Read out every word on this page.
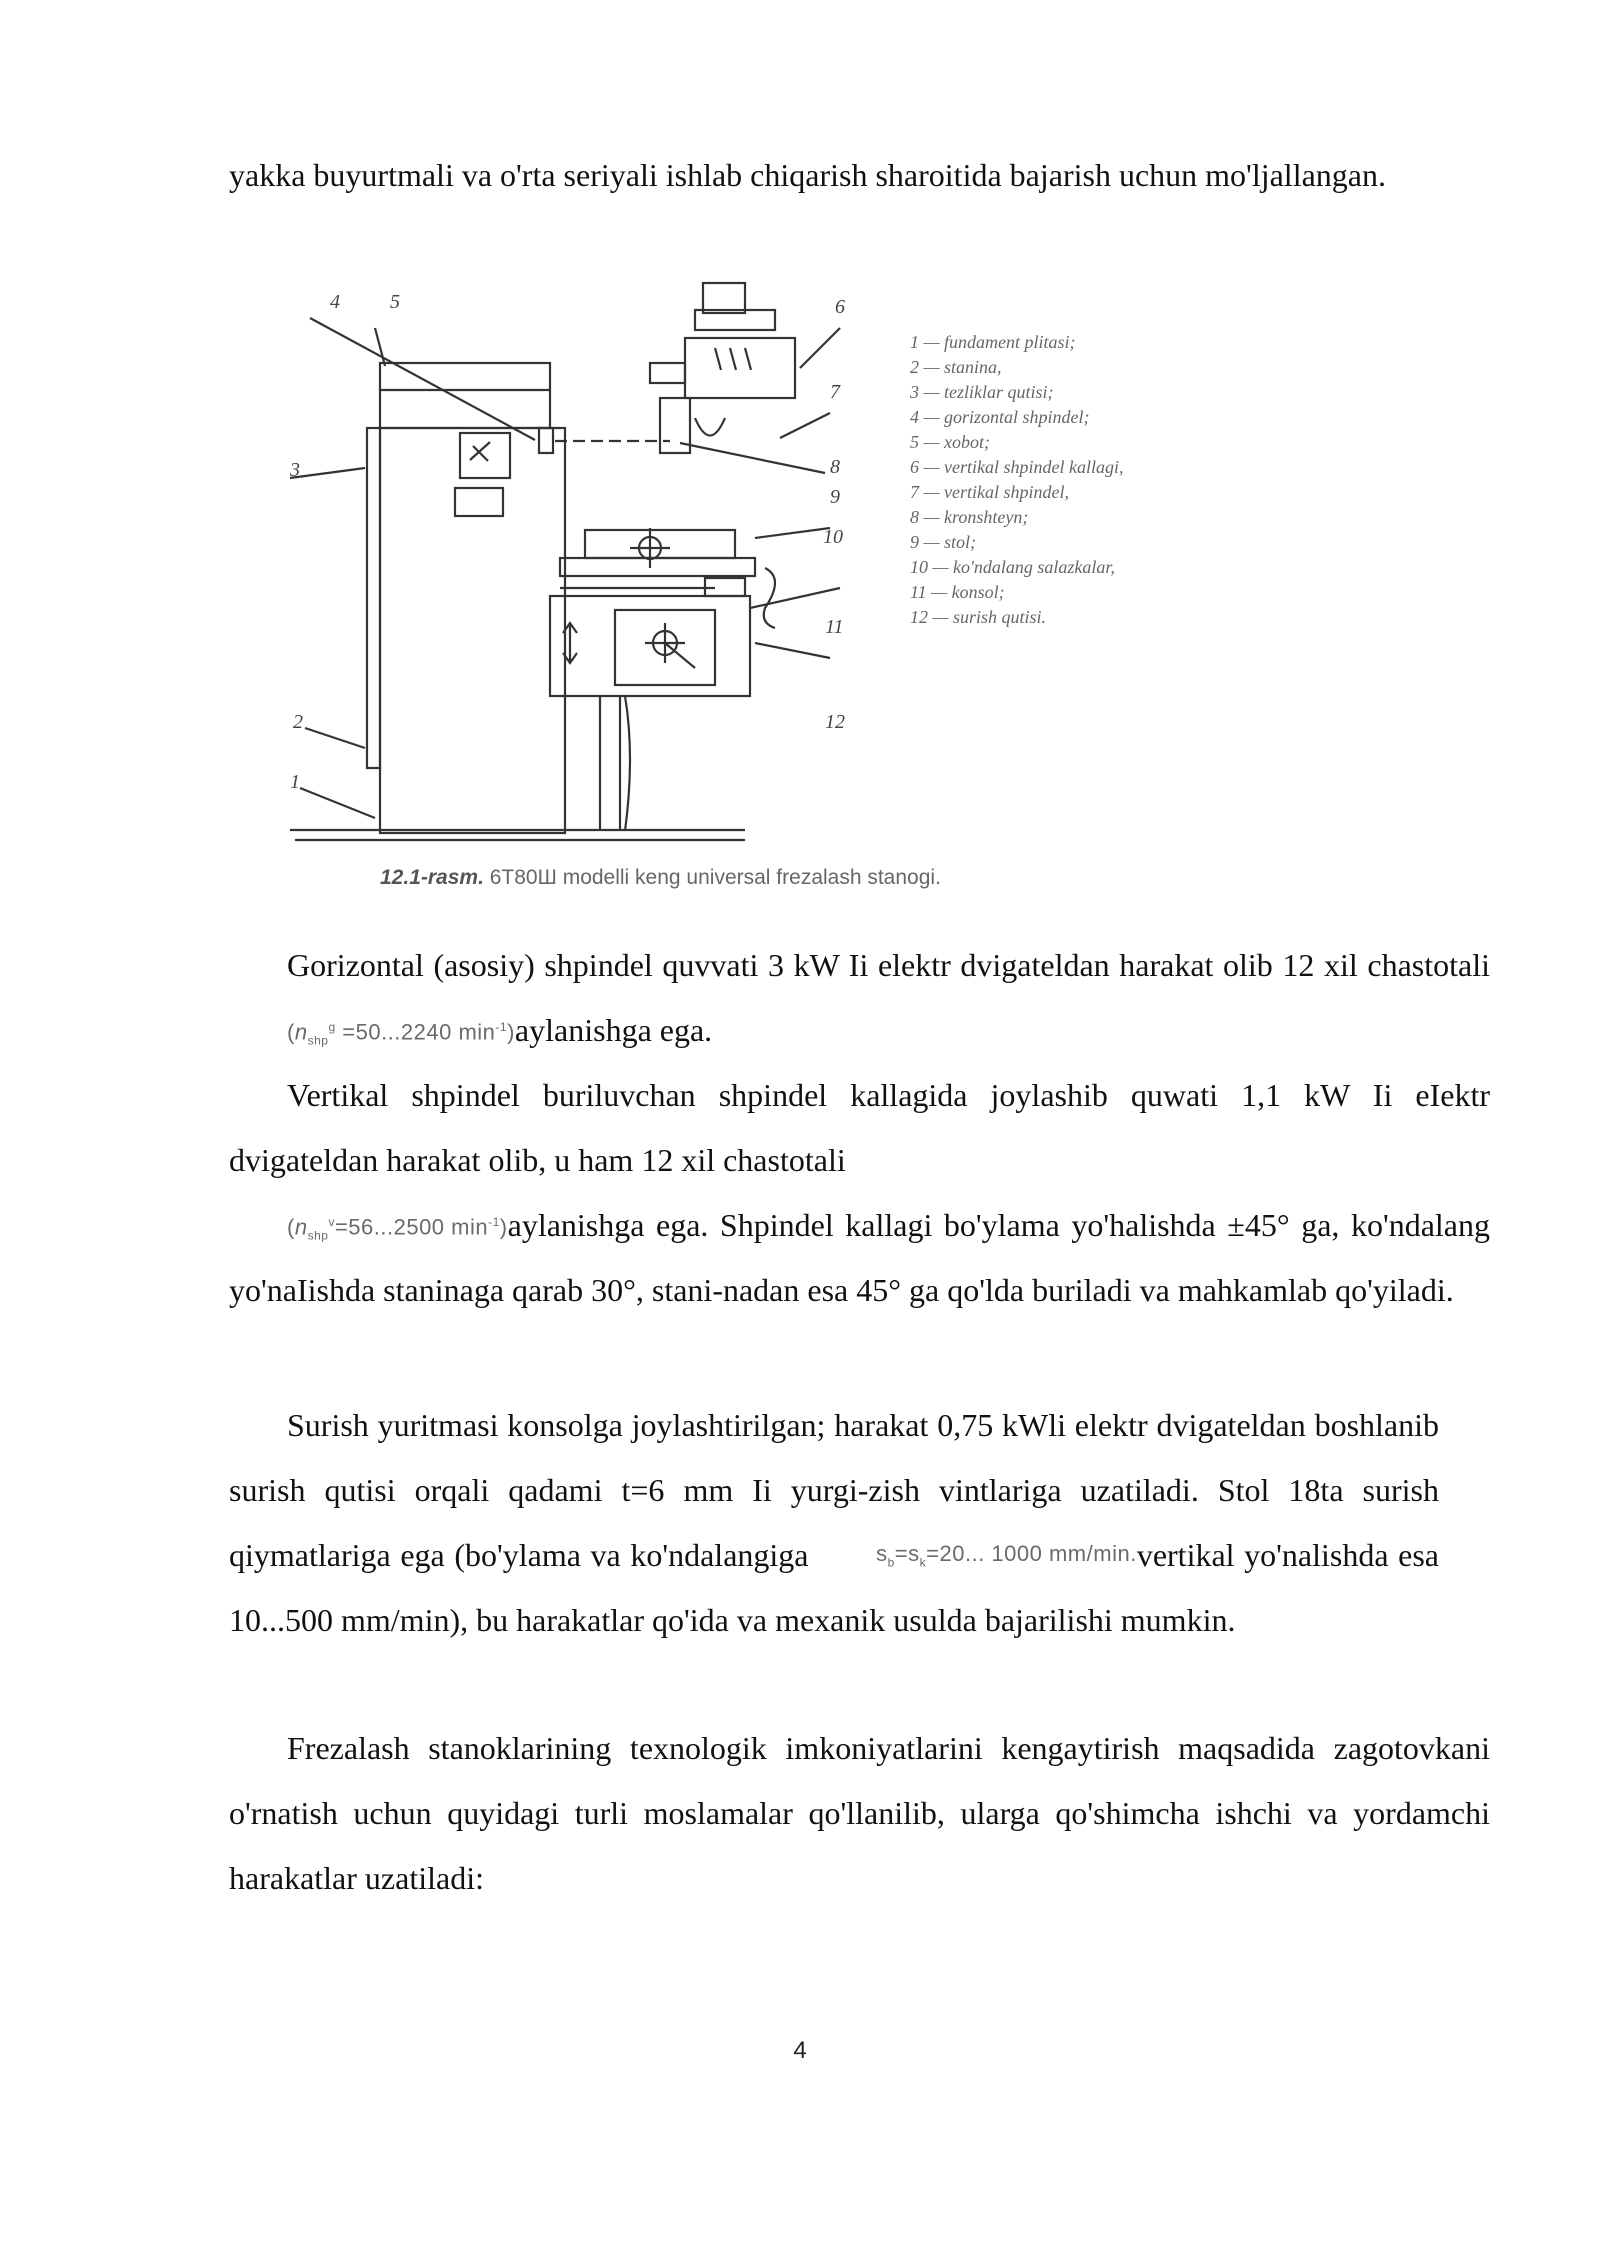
yakka buyurtmali va o'rta seriyali ishlab chiqarish sharoitida bajarish uchun mo'ljallangan.
4	5	6
7
8
9
10
11
12
3
2
1
1 — fundament plitasi;
2 — stanina,
3 — tezliklar qutisi;
4 — gorizontal shpindel;
5 — xobot;
6 — vertikal shpindel kallagi,
7 — vertikal shpindel,
8 — kronshteyn;
9 — stol;
10 — ko'ndalang salazkalar,
11 — konsol;
12 — surish qutisi.
12.1-rasm. 6T80Ш modelli keng universal frezalash stanogi.

Gorizontal (asosiy) shpindel quvvati 3 kW Ii elektr dvigateldan harakat olib 12 xil $chastotali(n_{shp}^g =50...2240$ $\min^{-1})aylanishga$ ega.

Vertikal shpindel buriluvchan shpindel kallagida joylashib quwati 1,1 kW Ii eIektr dvigateldan harakat olib, u ham 12 xil chastotali
($n_{shp}^v=56...2500$ $\min^{-1})aylanishga$ ega. Shpindel kallagi bo'ylama yo'halishda ±45° ga, ko'ndalang yo'naIishda staninaga qarab 30°, stani-nadan esa 45° ga qo'lda buriladi va mahkamlab qo'yiladi.

Surish yuritmasi konsolga joylashtirilgan; harakat 0,75 kWli elektr dvigateldan boshlanib surish qutisi orqali qadami t=6 mm Ii yurgi-zish vintlariga uzatiladi. Stol 18ta surish qiymatlariga ega (bo'ylama va ko'ndalangiga	$s_b=s_k=20$... 1000 mm/min.vertikal yo'nalishda esa 10...500 mm/min), bu harakatlar qo'ida va mexanik usulda bajarilishi mumkin.

Frezalash stanoklarining texnologik imkoniyatlarini kengaytirish maqsadida zagotovkani o'rnatish uchun quyidagi turli moslamalar qo'llanilib, ularga qo'shimcha ishchi va yordamchi harakatlar uzatiladi:

4
